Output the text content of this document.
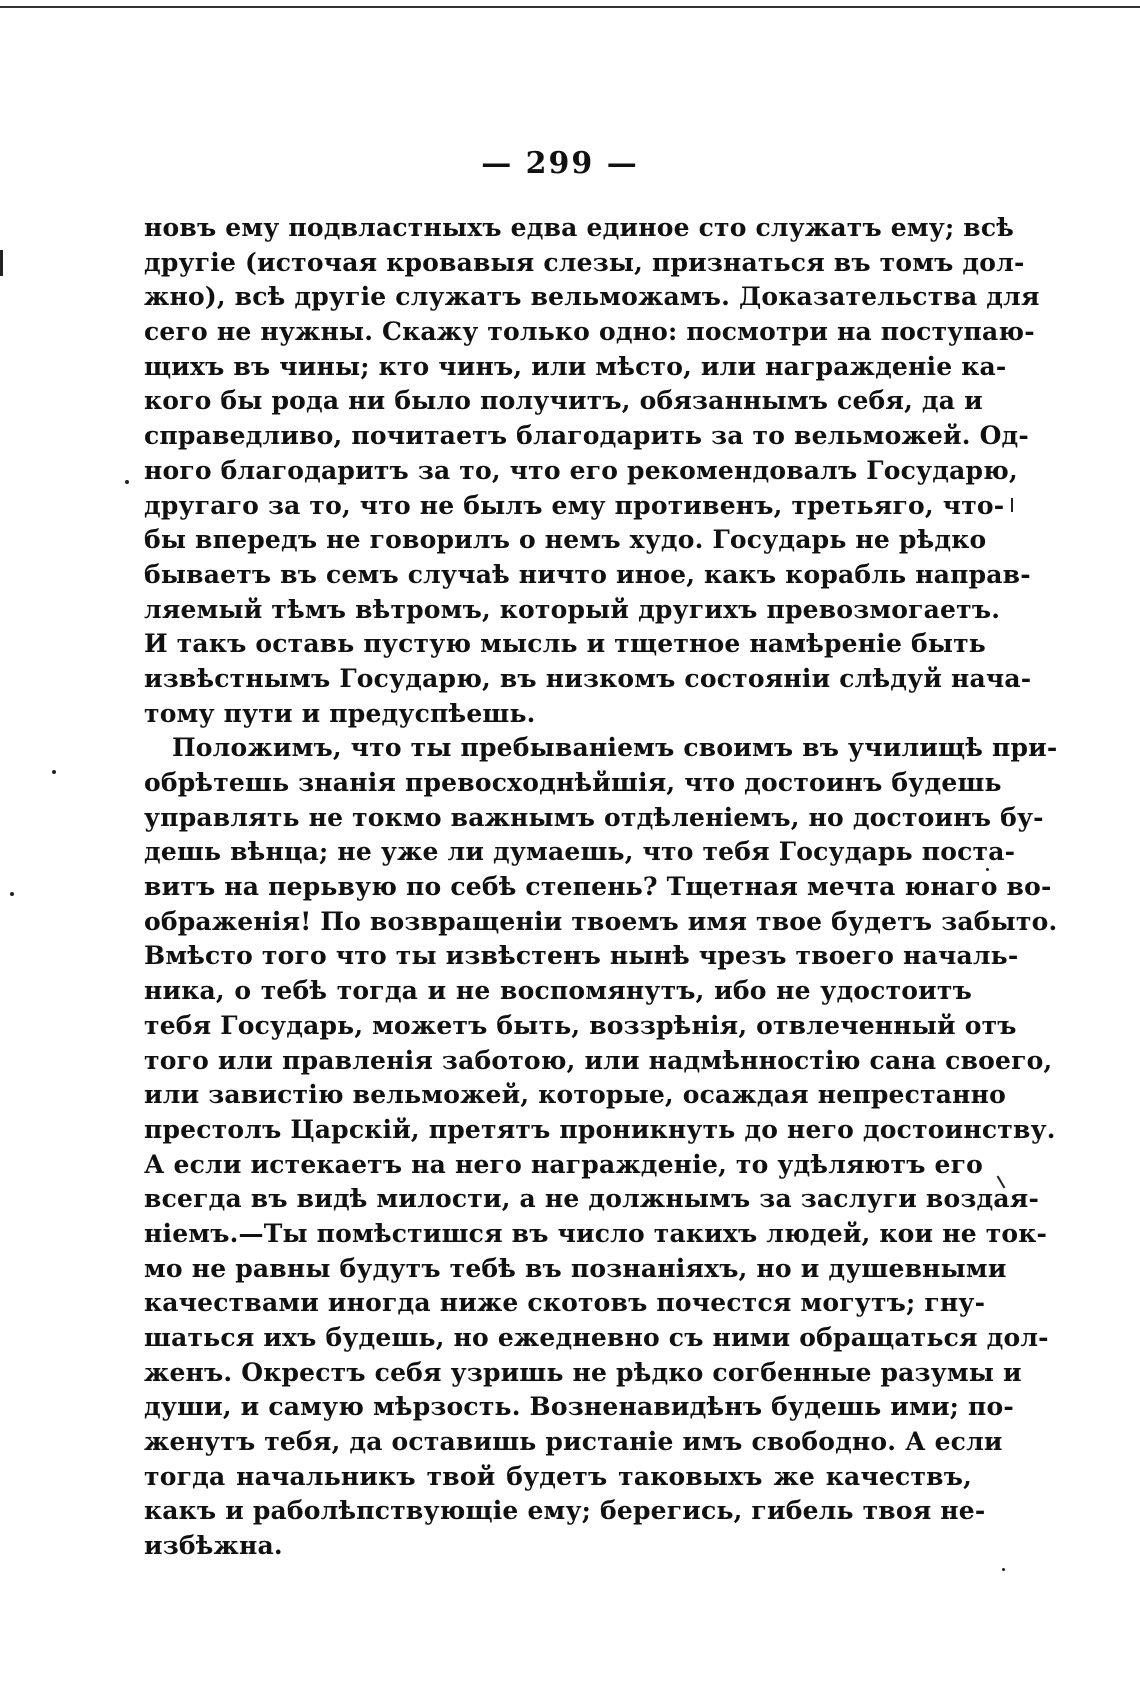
— 299 —
новъ ему подвластныхъ едва единое сто служатъ ему; всѣ
другіе (источая кровавыя слезы, признаться въ томъ дол-
жно), всѣ другіе служатъ вельможамъ. Доказательства для
сего не нужны. Скажу только одно: посмотри на поступаю-
щихъ въ чины; кто чинъ, или мѣсто, или награжденіе ка-
кого бы рода ни было получитъ, обязаннымъ себя, да и
справедливо, почитаетъ благодарить за то вельможей. Од-
ного благодаритъ за то, что его рекомендовалъ Государю,
другаго за то, что не былъ ему противенъ, третьяго, что-
бы впередъ не говорилъ о немъ худо. Государь не рѣдко
бываетъ въ семъ случаѣ ничто иное, какъ корабль направ-
ляемый тѣмъ вѣтромъ, который другихъ превозмогаетъ.
И такъ оставь пустую мысль и тщетное намѣреніе быть
извѣстнымъ Государю, въ низкомъ состояніи слѣдуй нача-
тому пути и предуспѣешь.
Положимъ, что ты пребываніемъ своимъ въ училищѣ при-
обрѣтешь знанія превосходнѣйшія, что достоинъ будешь
управлять не токмо важнымъ отдѣленіемъ, но достоинъ бу-
дешь вѣнца; не уже ли думаешь, что тебя Государь поста-
витъ на перьвую по себѣ степень? Тщетная мечта юнаго во-
ображенія! По возвращеніи твоемъ имя твое будетъ забыто.
Вмѣсто того что ты извѣстенъ нынѣ чрезъ твоего началь-
ника, о тебѣ тогда и не воспомянутъ, ибо не удостоитъ
тебя Государь, можетъ быть, воззрѣнія, отвлеченный отъ
того или правленія заботою, или надмѣнностію сана своего,
или завистію вельможей, которые, осаждая непрестанно
престолъ Царскій, претятъ проникнуть до него достоинству.
А если истекаетъ на него награжденіе, то удѣляютъ его
всегда въ видѣ милости, а не должнымъ за заслуги воздая-
ніемъ.—Ты помѣстишся въ число такихъ людей, кои не ток-
мо не равны будутъ тебѣ въ познаніяхъ, но и душевными
качествами иногда ниже скотовъ почестся могутъ; гну-
шаться ихъ будешь, но ежедневно съ ними обращаться дол-
женъ. Окрестъ себя узришь не рѣдко согбенные разумы и
души, и самую мѣрзость. Возненавидѣнъ будешь ими; по-
женутъ тебя, да оставишь ристаніе имъ свободно. А если
тогда начальникъ твой будетъ таковыхъ же качествъ,
какъ и раболѣпствующіе ему; берегись, гибель твоя не-
избѣжна.
